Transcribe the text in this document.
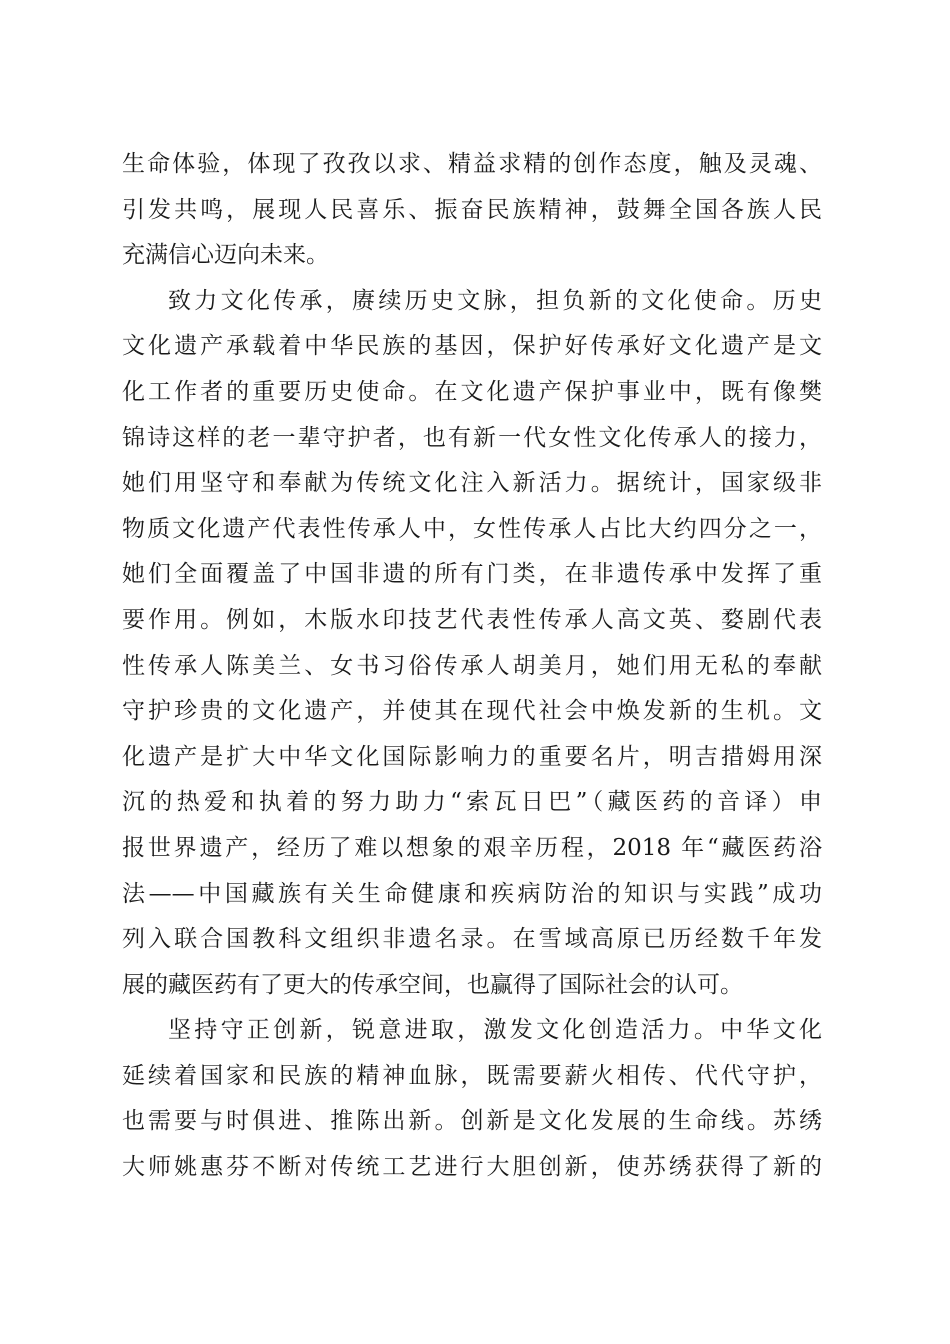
生命体验，体现了孜孜以求、精益求精的创作态度，触及灵魂、
引发共鸣，展现人民喜乐、振奋民族精神，鼓舞全国各族人民
充满信心迈向未来。
致力文化传承，赓续历史文脉，担负新的文化使命。历史
文化遗产承载着中华民族的基因，保护好传承好文化遗产是文
化工作者的重要历史使命。在文化遗产保护事业中，既有像樊
锦诗这样的老一辈守护者，也有新一代女性文化传承人的接力，
她们用坚守和奉献为传统文化注入新活力。据统计，国家级非
物质文化遗产代表性传承人中，女性传承人占比大约四分之一，
她们全面覆盖了中国非遗的所有门类，在非遗传承中发挥了重
要作用。例如，木版水印技艺代表性传承人高文英、婺剧代表
性传承人陈美兰、女书习俗传承人胡美月，她们用无私的奉献
守护珍贵的文化遗产，并使其在现代社会中焕发新的生机。文
化遗产是扩大中华文化国际影响力的重要名片，明吉措姆用深
沉的热爱和执着的努力助力“索瓦日巴”（藏医药的音译）申
报世界遗产，经历了难以想象的艰辛历程，2018 年“藏医药浴
法——中国藏族有关生命健康和疾病防治的知识与实践”成功
列入联合国教科文组织非遗名录。在雪域高原已历经数千年发
展的藏医药有了更大的传承空间，也赢得了国际社会的认可。
坚持守正创新，锐意进取，激发文化创造活力。中华文化
延续着国家和民族的精神血脉，既需要薪火相传、代代守护，
也需要与时俱进、推陈出新。创新是文化发展的生命线。苏绣
大师姚惠芬不断对传统工艺进行大胆创新，使苏绣获得了新的
